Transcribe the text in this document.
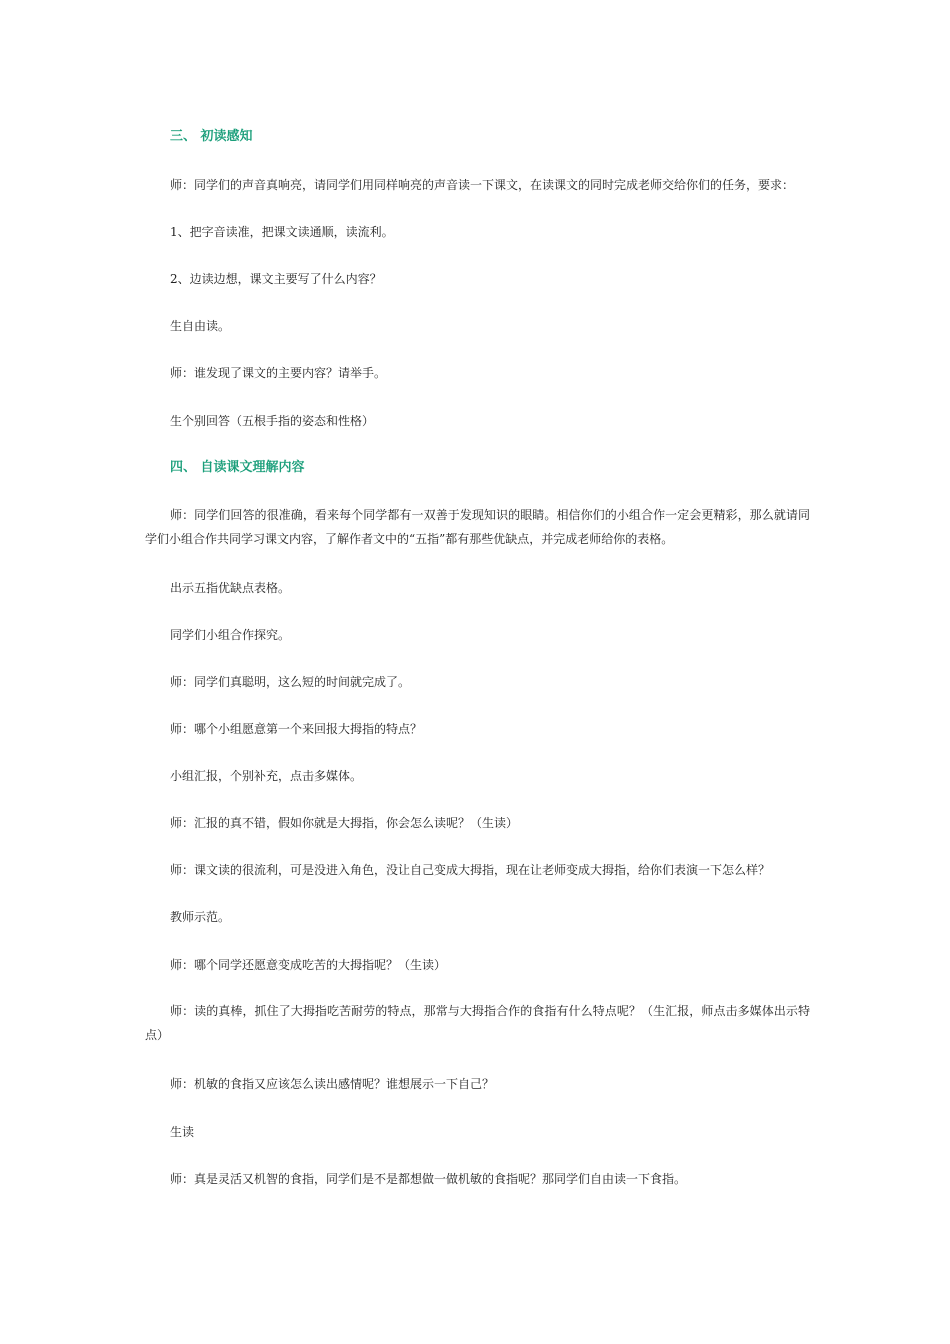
三、 初读感知
师：同学们的声音真响亮，请同学们用同样响亮的声音读一下课文，在读课文的同时完成老师交给你们的任务，要求：
1、把字音读准，把课文读通顺，读流利。
2、边读边想，课文主要写了什么内容？
生自由读。
师：谁发现了课文的主要内容？请举手。
生个别回答（五根手指的姿态和性格）
四、 自读课文理解内容
师：同学们回答的很准确，看来每个同学都有一双善于发现知识的眼睛。相信你们的小组合作一定会更精彩，那么就请同学们小组合作共同学习课文内容，了解作者文中的“五指”都有那些优缺点，并完成老师给你的表格。
出示五指优缺点表格。
同学们小组合作探究。
师：同学们真聪明，这么短的时间就完成了。
师：哪个小组愿意第一个来回报大拇指的特点？
小组汇报，个别补充，点击多媒体。
师：汇报的真不错，假如你就是大拇指，你会怎么读呢？（生读）
师：课文读的很流利，可是没进入角色，没让自己变成大拇指，现在让老师变成大拇指，给你们表演一下怎么样？
教师示范。
师：哪个同学还愿意变成吃苦的大拇指呢？（生读）
师：读的真棒，抓住了大拇指吃苦耐劳的特点，那常与大拇指合作的食指有什么特点呢？（生汇报，师点击多媒体出示特点）
师：机敏的食指又应该怎么读出感情呢？谁想展示一下自己？
生读
师：真是灵活又机智的食指，同学们是不是都想做一做机敏的食指呢？那同学们自由读一下食指。
